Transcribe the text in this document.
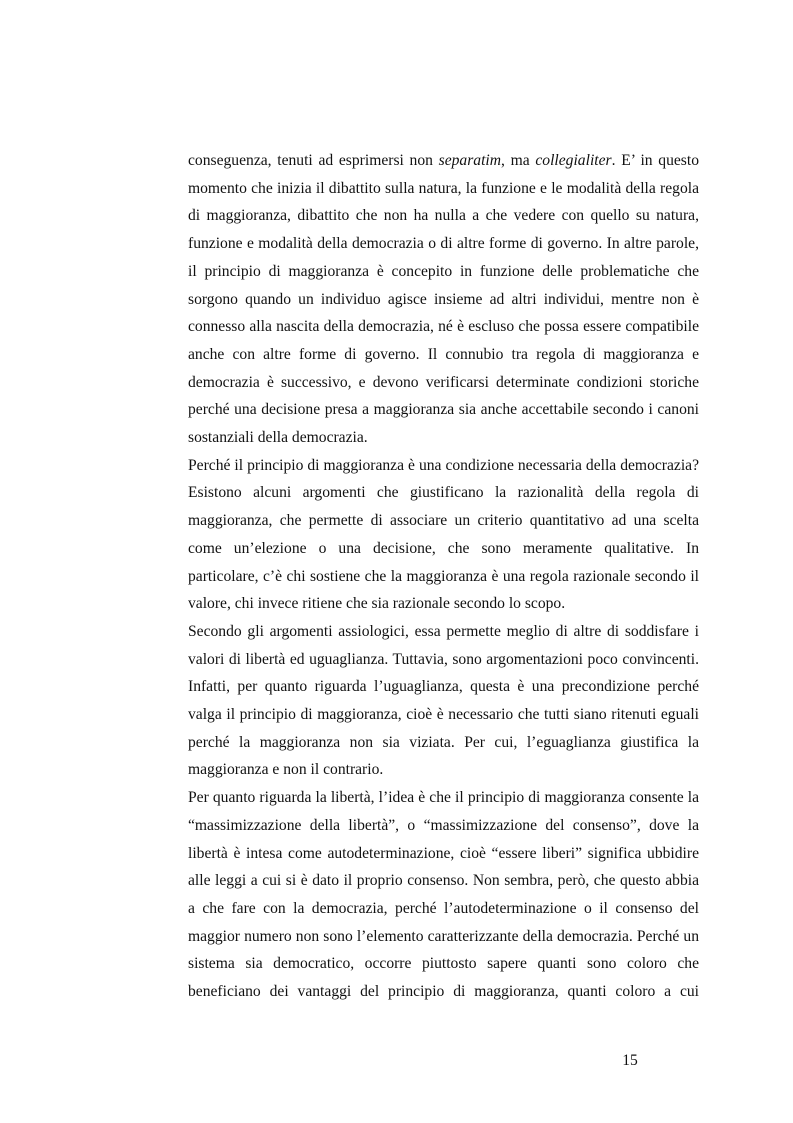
conseguenza, tenuti ad esprimersi non separatim, ma collegialiter. E’ in questo momento che inizia il dibattito sulla natura, la funzione e le modalità della regola di maggioranza, dibattito che non ha nulla a che vedere con quello su natura, funzione e modalità della democrazia o di altre forme di governo. In altre parole, il principio di maggioranza è concepito in funzione delle problematiche che sorgono quando un individuo agisce insieme ad altri individui, mentre non è connesso alla nascita della democrazia, né è escluso che possa essere compatibile anche con altre forme di governo. Il connubio tra regola di maggioranza e democrazia è successivo, e devono verificarsi determinate condizioni storiche perché una decisione presa a maggioranza sia anche accettabile secondo i canoni sostanziali della democrazia.

Perché il principio di maggioranza è una condizione necessaria della democrazia? Esistono alcuni argomenti che giustificano la razionalità della regola di maggioranza, che permette di associare un criterio quantitativo ad una scelta come un’elezione o una decisione, che sono meramente qualitative. In particolare, c’è chi sostiene che la maggioranza è una regola razionale secondo il valore, chi invece ritiene che sia razionale secondo lo scopo.

Secondo gli argomenti assiologici, essa permette meglio di altre di soddisfare i valori di libertà ed uguaglianza. Tuttavia, sono argomentazioni poco convincenti. Infatti, per quanto riguarda l’uguaglianza, questa è una precondizione perché valga il principio di maggioranza, cioè è necessario che tutti siano ritenuti eguali perché la maggioranza non sia viziata. Per cui, l’eguaglianza giustifica la maggioranza e non il contrario.

Per quanto riguarda la libertà, l’idea è che il principio di maggioranza consente la “massimizzazione della libertà”, o “massimizzazione del consenso”, dove la libertà è intesa come autodeterminazione, cioè “essere liberi” significa ubbidire alle leggi a cui si è dato il proprio consenso. Non sembra, però, che questo abbia a che fare con la democrazia, perché l’autodeterminazione o il consenso del maggior numero non sono l’elemento caratterizzante della democrazia. Perché un sistema sia democratico, occorre piuttosto sapere quanti sono coloro che beneficiano dei vantaggi del principio di maggioranza, quanti coloro a cui

15
